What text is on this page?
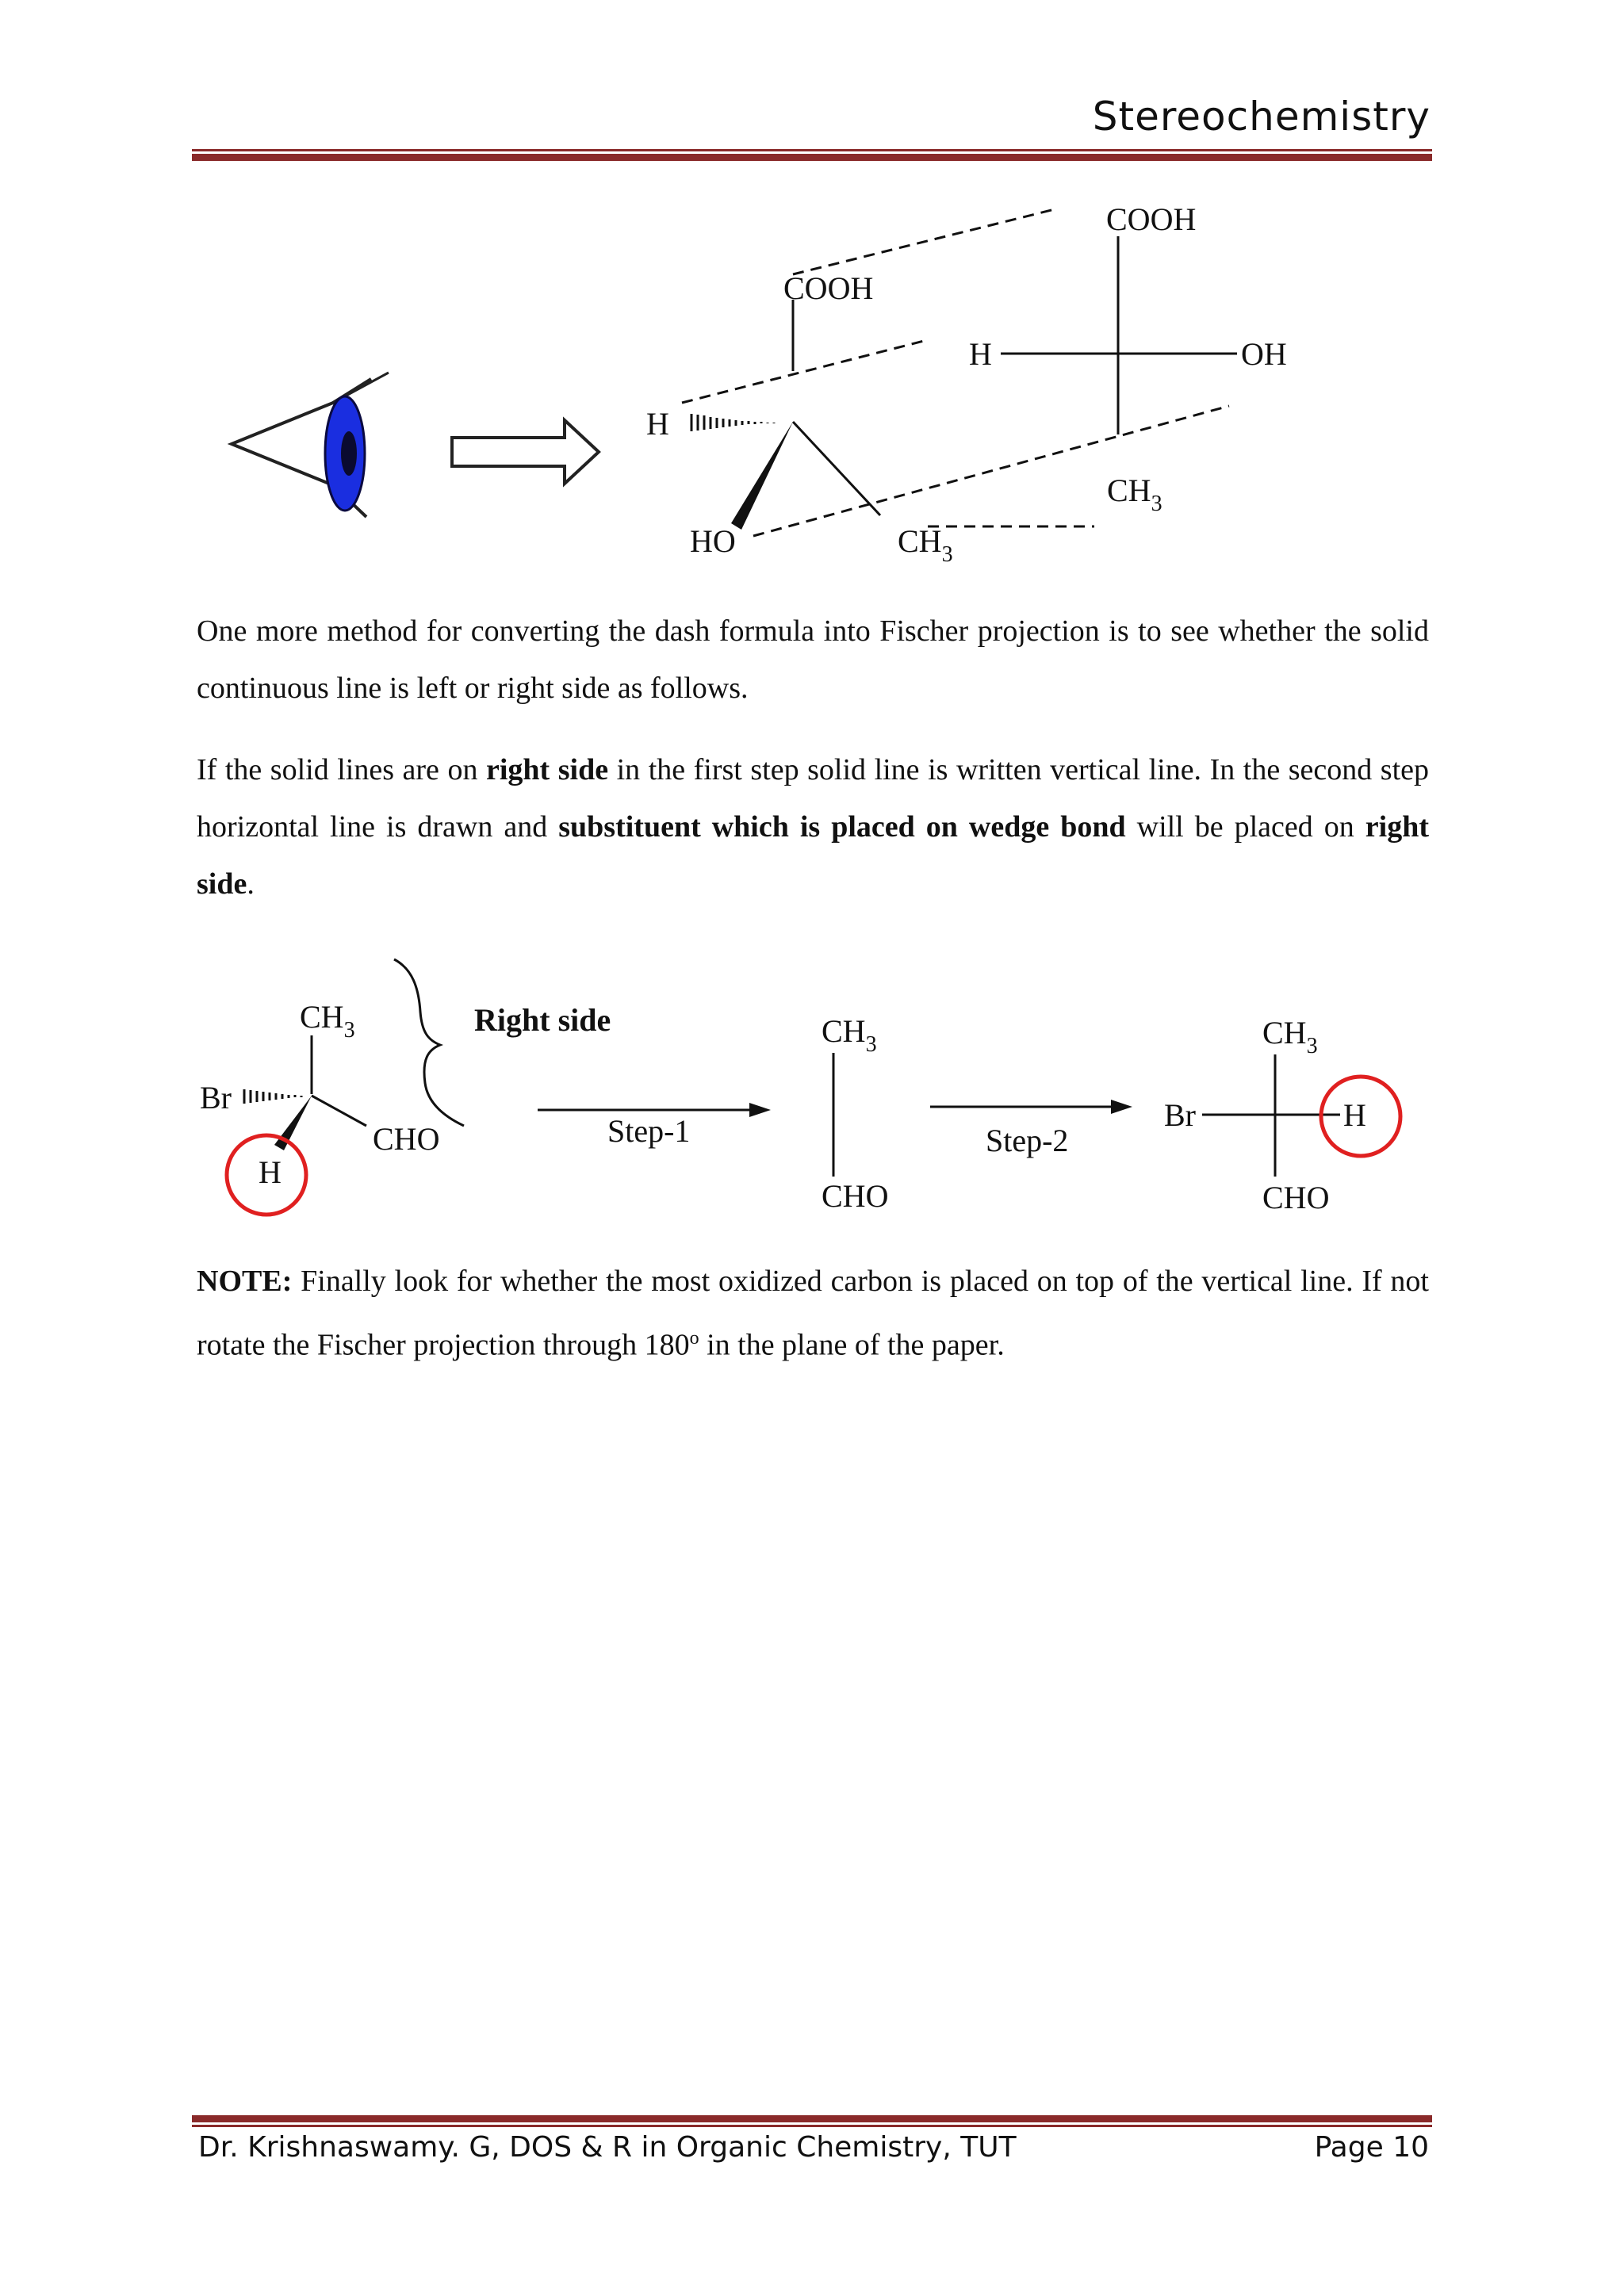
Stereochemistry
COOH
H
HO	$CH_3$
COOH
H	OH
$CH_3$
One more method for converting the dash formula into Fischer projection is to see whether the solid continuous line is left or right side as follows.
If the solid lines are on right side in the first step solid line is written vertical line. In the second step horizontal line is drawn and substituent which is placed on wedge bond will be placed on right side.
$CH_3$
Br
CHO
H
Right side
Step-1
$CH_3$
CHO
Step-2
$CH_3$
Br	H
CHO
NOTE: Finally look for whether the most oxidized carbon is placed on top of the vertical line. If not rotate the Fischer projection through 180$^o$ in the plane of the paper.
Dr. Krishnaswamy. G, DOS & R in Organic Chemistry, TUT	Page 10
